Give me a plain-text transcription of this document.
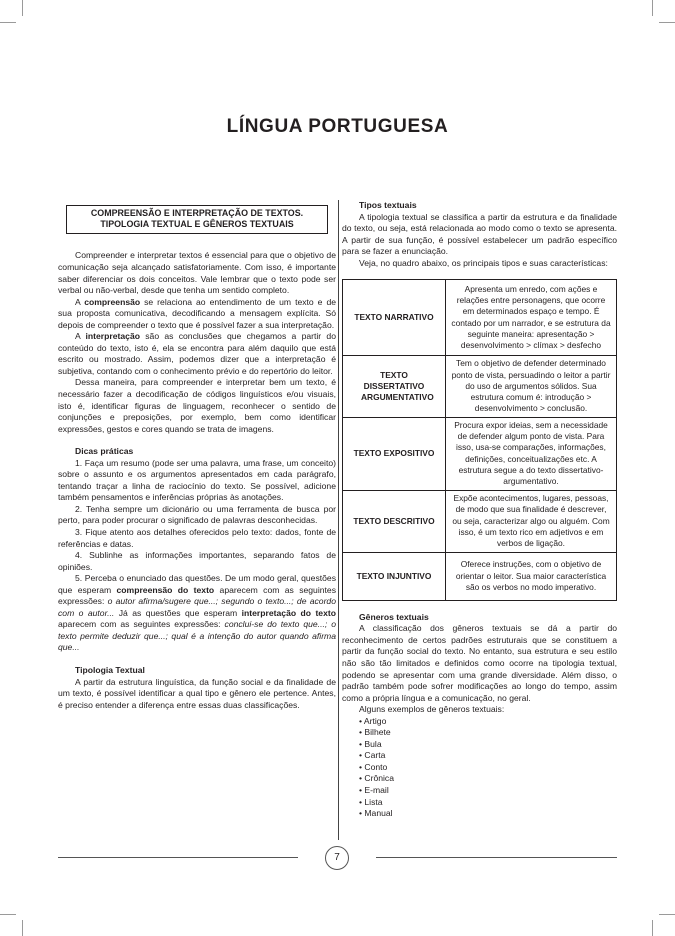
LÍNGUA PORTUGUESA
COMPREENSÃO E INTERPRETAÇÃO DE TEXTOS. TIPOLOGIA TEXTUAL E GÊNEROS TEXTUAIS

Compreender e interpretar textos é essencial para que o objetivo de comunicação seja alcançado satisfatoriamente. Com isso, é importante saber diferenciar os dois conceitos. Vale lembrar que o texto pode ser verbal ou não-verbal, desde que tenha um sentido completo.

A compreensão se relaciona ao entendimento de um texto e de sua proposta comunicativa, decodificando a mensagem explícita. Só depois de compreender o texto que é possível fazer a sua interpretação.

A interpretação são as conclusões que chegamos a partir do conteúdo do texto, isto é, ela se encontra para além daquilo que está escrito ou mostrado. Assim, podemos dizer que a interpretação é subjetiva, contando com o conhecimento prévio e do repertório do leitor.

Dessa maneira, para compreender e interpretar bem um texto, é necessário fazer a decodificação de códigos linguísticos e/ou visuais, isto é, identificar figuras de linguagem, reconhecer o sentido de conjunções e preposições, por exemplo, bem como identificar expressões, gestos e cores quando se trata de imagens.

Dicas práticas

1. Faça um resumo (pode ser uma palavra, uma frase, um conceito) sobre o assunto e os argumentos apresentados em cada parágrafo, tentando traçar a linha de raciocínio do texto. Se possível, adicione também pensamentos e inferências próprias às anotações.

2. Tenha sempre um dicionário ou uma ferramenta de busca por perto, para poder procurar o significado de palavras desconhecidas.

3. Fique atento aos detalhes oferecidos pelo texto: dados, fonte de referências e datas.

4. Sublinhe as informações importantes, separando fatos de opiniões.

5. Perceba o enunciado das questões. De um modo geral, questões que esperam compreensão do texto aparecem com as seguintes expressões: o autor afirma/sugere que...; segundo o texto...; de acordo com o autor... Já as questões que esperam interpretação do texto aparecem com as seguintes expressões: conclui-se do texto que...; o texto permite deduzir que...; qual é a intenção do autor quando afirma que...

Tipologia Textual

A partir da estrutura linguística, da função social e da finalidade de um texto, é possível identificar a qual tipo e gênero ele pertence. Antes, é preciso entender a diferença entre essas duas classificações.

Tipos textuais

A tipologia textual se classifica a partir da estrutura e da finalidade do texto, ou seja, está relacionada ao modo como o texto se apresenta. A partir de sua função, é possível estabelecer um padrão específico para se fazer a enunciação.

Veja, no quadro abaixo, os principais tipos e suas características:

TEXTO NARRATIVO	Apresenta um enredo, com ações e relações entre personagens, que ocorre em determinados espaço e tempo. É contado por um narrador, e se estrutura da seguinte maneira: apresentação > desenvolvimento > clímax > desfecho
TEXTO DISSERTATIVO ARGUMENTATIVO	Tem o objetivo de defender determinado ponto de vista, persuadindo o leitor a partir do uso de argumentos sólidos. Sua estrutura comum é: introdução > desenvolvimento > conclusão.
TEXTO EXPOSITIVO	Procura expor ideias, sem a necessidade de defender algum ponto de vista. Para isso, usa-se comparações, informações, definições, conceitualizações etc. A estrutura segue a do texto dissertativo-argumentativo.
TEXTO DESCRITIVO	Expõe acontecimentos, lugares, pessoas, de modo que sua finalidade é descrever, ou seja, caracterizar algo ou alguém. Com isso, é um texto rico em adjetivos e em verbos de ligação.
TEXTO INJUNTIVO	Oferece instruções, com o objetivo de orientar o leitor. Sua maior característica são os verbos no modo imperativo.
Gêneros textuais

A classificação dos gêneros textuais se dá a partir do reconhecimento de certos padrões estruturais que se constituem a partir da função social do texto. No entanto, sua estrutura e seu estilo não são tão limitados e definidos como ocorre na tipologia textual, podendo se apresentar com uma grande diversidade. Além disso, o padrão também pode sofrer modificações ao longo do tempo, assim como a própria língua e a comunicação, no geral.

Alguns exemplos de gêneros textuais:

• Artigo
• Bilhete
• Bula
• Carta
• Conto
• Crônica
• E-mail
• Lista
• Manual
7
